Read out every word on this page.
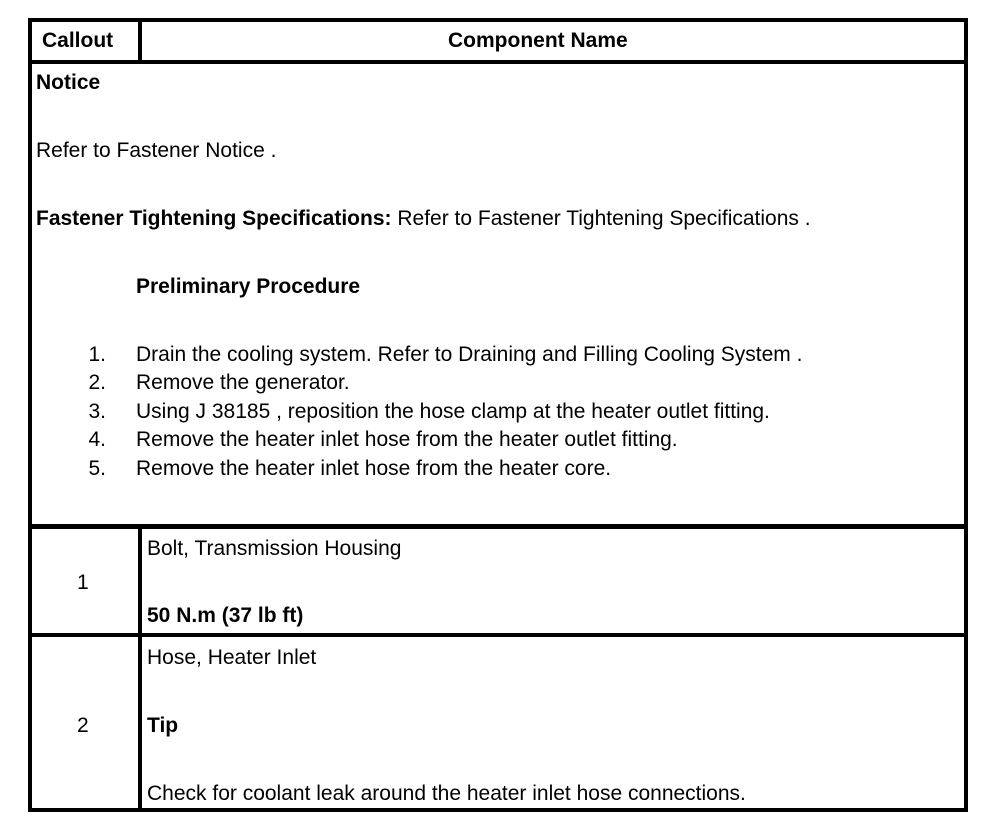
Callout	Component Name
Notice
Refer to Fastener Notice .
Fastener Tightening Specifications: Refer to Fastener Tightening Specifications .
Preliminary Procedure
1. Drain the cooling system. Refer to Draining and Filling Cooling System .
2. Remove the generator.
3. Using J 38185 , reposition the hose clamp at the heater outlet fitting.
4. Remove the heater inlet hose from the heater outlet fitting.
5. Remove the heater inlet hose from the heater core.
1
Bolt, Transmission Housing
50 N.m (37 lb ft)
2
Hose, Heater Inlet
Tip
Check for coolant leak around the heater inlet hose connections.
